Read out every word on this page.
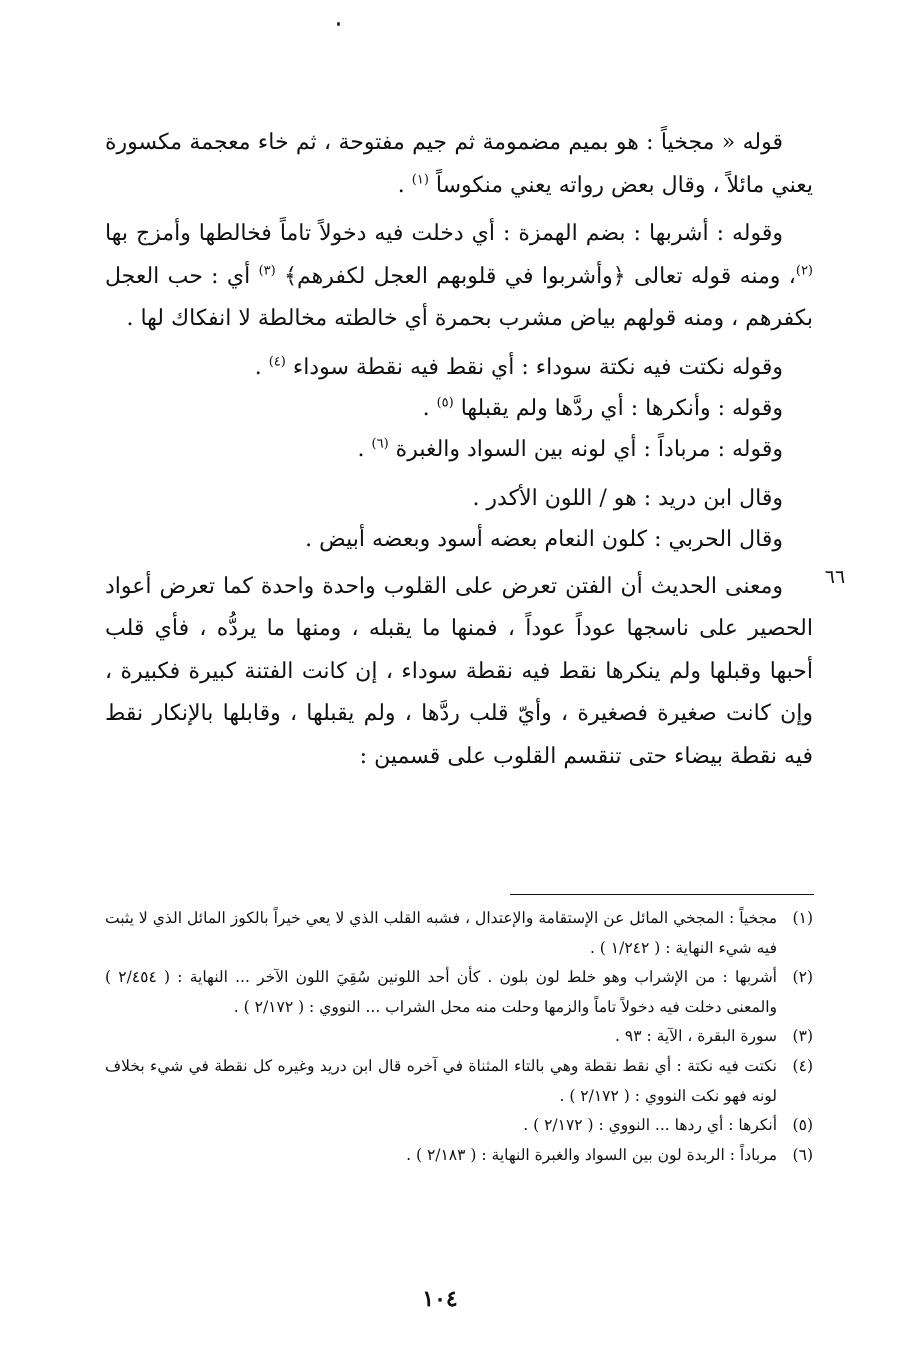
قوله « مجخياً : هو بميم مضمومة ثم جيم مفتوحة ، ثم خاء معجمة مكسورة يعني مائلاً ، وقال بعض رواته يعني منكوساً $^{(١)}$ .

وقوله : أشربها : بضم الهمزة : أي دخلت فيه دخولاً تاماً فخالطها وأمزج بها $^{(٢)}$، ومنه قوله تعالى ﴿وأشربوا في قلوبهم العجل لكفرهم﴾ $^{(٣)}$ أي : حب العجل بكفرهم ، ومنه قولهم بياض مشرب بحمرة أي خالطته مخالطة لا انفكاك لها .

وقوله نكتت فيه نكتة سوداء : أي نقط فيه نقطة سوداء $^{(٤)}$ .
وقوله : وأنكرها : أي ردَّها ولم يقبلها $^{(٥)}$ .
وقوله : مرباداً : أي لونه بين السواد والغبرة $^{(٦)}$ .
وقال ابن دريد : هو / اللون الأكدر .
وقال الحربي : كلون النعام بعضه أسود وبعضه أبيض .

ومعنى الحديث أن الفتن تعرض على القلوب واحدة واحدة كما تعرض أعواد الحصير على ناسجها عوداً عوداً ، فمنها ما يقبله ، ومنها ما يردُّه ، فأي قلب أحبها وقبلها ولم ينكرها نقط فيه نقطة سوداء ، إن كانت الفتنة كبيرة فكبيرة ، وإن كانت صغيرة فصغيرة ، وأيّ قلب ردَّها ، ولم يقبلها ، وقابلها بالإنكار نقط فيه نقطة بيضاء حتى تنقسم القلوب على قسمين :

٦٦
(١)
مجخياً : المجخي المائل عن الإستقامة والإعتدال ، فشبه القلب الذي لا يعي خيراً بالكوز المائل الذي لا يثبت فيه شيء النهاية : ( ١/٢٤٢ ) .
(٢)
أشربها : من الإشراب وهو خلط لون بلون . كأن أحد اللونين سُقِيَ اللون الآخر ... النهاية : ( ٢/٤٥٤ ) والمعنى دخلت فيه دخولاً تاماً والزمها وحلت منه محل الشراب ... النووي : ( ٢/١٧٢ ) .
(٣)
سورة البقرة ، الآية : ٩٣ .
(٤)
نكتت فيه نكتة : أي نقط نقطة وهي بالتاء المثناة في آخره قال ابن دريد وغيره كل نقطة في شيء بخلاف لونه فهو نكت النووي : ( ٢/١٧٢ ) .
(٥)
أنكرها : أي ردها ... النووي : ( ٢/١٧٢ ) .
(٦)
مرباداً : الربدة لون بين السواد والغبرة النهاية : ( ٢/١٨٣ ) .
١٠٤
